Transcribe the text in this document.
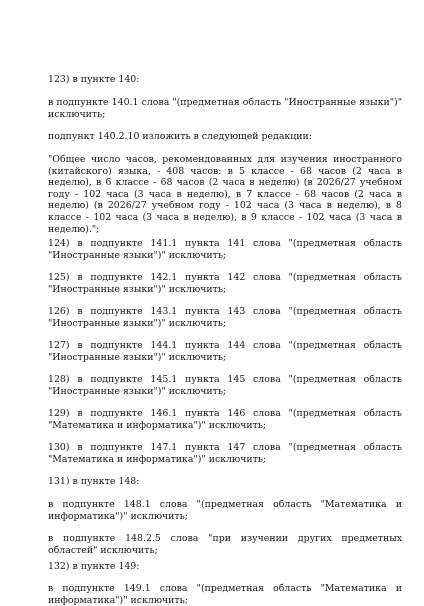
123) в пункте 140:

в подпункте 140.1 слова "(предметная область "Иностранные языки")" исключить;

подпункт 140.2.10 изложить в следующей редакции:

"Общее число часов, рекомендованных для изучения иностранного (китайского) языка, - 408 часов: в 5 классе - 68 часов (2 часа в неделю), в 6 классе - 68 часов (2 часа в неделю) (в 2026/27 учебном году - 102 часа (3 часа в неделю), в 7 классе - 68 часов (2 часа в неделю) (в 2026/27 учебном году - 102 часа (3 часа в неделю), в 8 классе - 102 часа (3 часа в неделю), в 9 классе - 102 часа (3 часа в неделю).";

124) в подпункте 141.1 пункта 141 слова "(предметная область "Иностранные языки")" исключить;

125) в подпункте 142.1 пункта 142 слова "(предметная область "Иностранные языки")" исключить;

126) в подпункте 143.1 пункта 143 слова "(предметная область "Иностранные языки")" исключить;

127) в подпункте 144.1 пункта 144 слова "(предметная область "Иностранные языки")" исключить;

128) в подпункте 145.1 пункта 145 слова "(предметная область "Иностранные языки")" исключить;

129) в подпункте 146.1 пункта 146 слова "(предметная область "Математика и информатика")" исключить;

130) в подпункте 147.1 пункта 147 слова "(предметная область "Математика и информатика")" исключить;

131) в пункте 148:

в подпункте 148.1 слова "(предметная область "Математика и информатика")" исключить;

в подпункте 148.2.5 слова "при изучении других предметных областей" исключить;

132) в пункте 149:

в подпункте 149.1 слова "(предметная область "Математика и информатика")" исключить;
